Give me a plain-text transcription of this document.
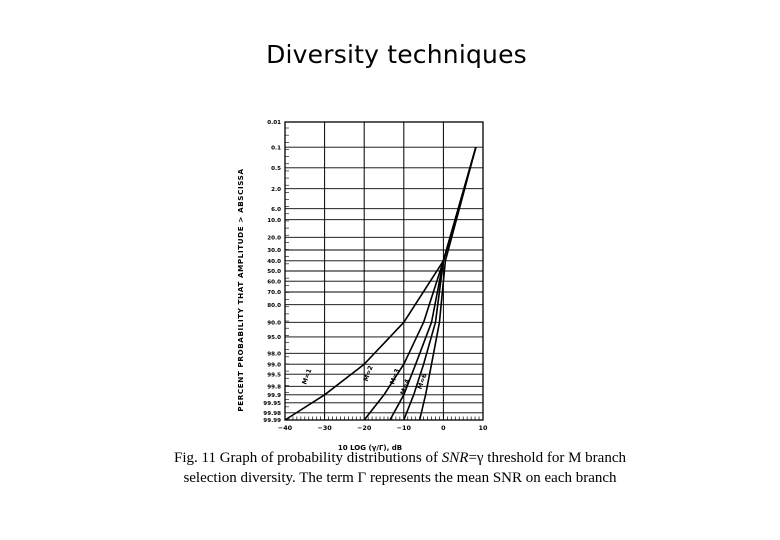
Diversity techniques
0.01
0.1
0.5
2.0
6.0
10.0
20.0
30.0
40.0
50.0
60.0
70.0
80.0
90.0
95.0
98.0
99.0
99.5
99.8
99.9
99.95
99.98
99.99
−40	−30	−20	−10	0	10
M=1	M=2 M=3
M=4 M=6
PERCENT PROBABILITY THAT AMPLITUDE > ABSCISSA
10 LOG (γ/Γ), dB
Fig. 11 Graph of probability distributions of SNR=γ threshold for M branch
selection diversity. The term Γ represents the mean SNR on each branch
